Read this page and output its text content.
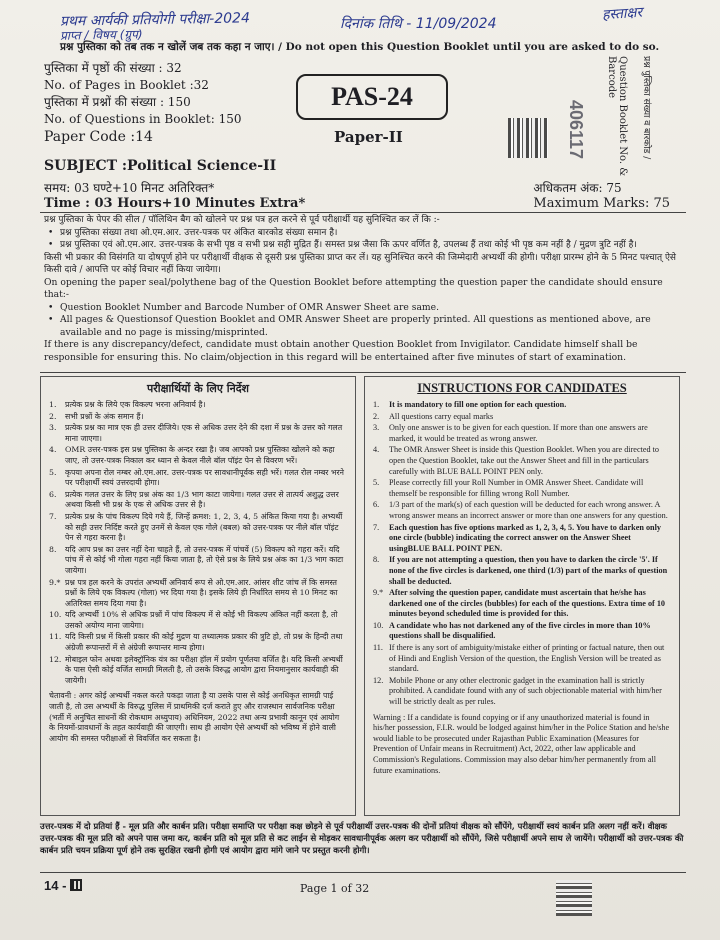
प्रथम आर्यकी प्रतियोगी परीक्षा-2024	दिनांक तिथि - 11/09/2024
प्राप्त / विषय (ग्रुप)
हस्ताक्षर
प्रश्न पुस्तिका को तब तक न खोलें जब तक कहा न जाए। / Do not open this Question Booklet until you are asked to do so.
पुस्तिका में पृष्ठों की संख्या : 32
No. of Pages in Booklet :32
पुस्तिका में प्रश्नों की संख्या : 150
No. of Questions in Booklet: 150
Paper Code :14
PAS-24
Paper-II	406117	Question Booklet No. & Barcode	प्रश्न पुस्तिका संख्या व बारकोड /
SUBJECT :Political Science-II
समय: 03 घण्टे+10 मिनट अतिरिक्त*
Time : 03 Hours+10 Minutes Extra*
अधिकतम अंक: 75
Maximum Marks: 75

प्रश्न पुस्तिका के पेपर की सील / पॉलिथिन बैग को खोलने पर प्रश्न पत्र हल करने से पूर्व परीक्षार्थी यह सुनिश्चित कर लें कि :-

• प्रश्न पुस्तिका संख्या तथा ओ.एम.आर. उत्तर-पत्रक पर अंकित बारकोड संख्या समान है।

• प्रश्न पुस्तिका एवं ओ.एम.आर. उत्तर-पत्रक के सभी पृष्ठ व सभी प्रश्न सही मुद्रित हैं। समस्त प्रश्न जैसा कि ऊपर वर्णित है, उपलब्ध हैं तथा कोई भी पृष्ठ कम नहीं है / मुद्रण त्रुटि नहीं है।

किसी भी प्रकार की विसंगति या दोषपूर्ण होने पर परीक्षार्थी वीक्षक से दूसरी प्रश्न पुस्तिका प्राप्त कर लें। यह सुनिश्चित करने की जिम्मेदारी अभ्यर्थी की होगी। परीक्षा प्रारम्भ होने के 5 मिनट पश्चात् ऐसे किसी दावे / आपत्ति पर कोई विचार नहीं किया जायेगा।

On opening the paper seal/polythene bag of the Question Booklet before attempting the question paper the candidate should ensure that:-

• Question Booklet Number and Barcode Number of OMR Answer Sheet are same.

• All pages & Questionsof Question Booklet and OMR Answer Sheet are properly printed. All questions as mentioned above, are available and no page is missing/misprinted.

If there is any discrepancy/defect, candidate must obtain another Question Booklet from Invigilator. Candidate himself shall be responsible for ensuring this. No claim/objection in this regard will be entertained after five minutes of start of examination.

परीक्षार्थियों के लिए निर्देश
1. प्रत्येक प्रश्न के लिये एक विकल्प भरना अनिवार्य है।
2. सभी प्रश्नों के अंक समान हैं।
3. प्रत्येक प्रश्न का मात्र एक ही उत्तर दीजिये। एक से अधिक उत्तर देने की दशा में प्रश्न के उत्तर को गलत माना जाएगा।
4. OMR उत्तर-पत्रक इस प्रश्न पुस्तिका के अन्दर रखा है। जब आपको प्रश्न पुस्तिका खोलने को कहा जाए, तो उत्तर-पत्रक निकाल कर ध्यान से केवल नीले बॉल पॉइंट पेन से विवरण भरें।
5. कृपया अपना रोल नम्बर ओ.एम.आर. उत्तर-पत्रक पर सावधानीपूर्वक सही भरें। गलत रोल नम्बर भरने पर परीक्षार्थी स्वयं उत्तरदायी होगा।
6. प्रत्येक गलत उत्तर के लिए प्रश्न अंक का 1/3 भाग काटा जायेगा। गलत उत्तर से तात्पर्य अशुद्ध उत्तर अथवा किसी भी प्रश्न के एक से अधिक उत्तर से है।
7. प्रत्येक प्रश्न के पांच विकल्प दिये गये हैं, जिन्हें क्रमश: 1, 2, 3, 4, 5 अंकित किया गया है। अभ्यर्थी को सही उत्तर निर्दिष्ट करते हुए उनमें से केवल एक गोले (बबल) को उत्तर-पत्रक पर नीले बॉल पॉइंट पेन से गहरा करना है।
8. यदि आप प्रश्न का उत्तर नहीं देना चाहते हैं, तो उत्तर-पत्रक में पांचवें (5) विकल्प को गहरा करें। यदि पांच में से कोई भी गोला गहरा नहीं किया जाता है, तो ऐसे प्रश्न के लिये प्रश्न अंक का 1/3 भाग काटा जायेगा।
9.* प्रश्न पत्र हल करने के उपरांत अभ्यर्थी अनिवार्य रूप से ओ.एम.आर. आंसर शीट जांच लें कि समस्त प्रश्नों के लिये एक विकल्प (गोला) भर दिया गया है। इसके लिये ही निर्धारित समय से 10 मिनट का अतिरिक्त समय दिया गया है।
10. यदि अभ्यर्थी 10% से अधिक प्रश्नों में पांच विकल्प में से कोई भी विकल्प अंकित नहीं करता है, तो उसको अयोग्य माना जायेगा।
11. यदि किसी प्रश्न में किसी प्रकार की कोई मुद्रण या तथ्यात्मक प्रकार की त्रुटि हो, तो प्रश्न के हिन्दी तथा अंग्रेजी रूपान्तरों में से अंग्रेजी रूपान्तर मान्य होगा।
12. मोबाइल फोन अथवा इलेक्ट्रॉनिक यंत्र का परीक्षा हॉल में प्रयोग पूर्णतया वर्जित है। यदि किसी अभ्यर्थी के पास ऐसी कोई वर्जित सामग्री मिलती है, तो उसके विरुद्ध आयोग द्वारा नियमानुसार कार्यवाही की जायेगी।
चेतावनी : अगर कोई अभ्यर्थी नकल करते पकड़ा जाता है या उसके पास से कोई अनधिकृत सामग्री पाई जाती है, तो उस अभ्यर्थी के विरुद्ध पुलिस में प्राथमिकी दर्ज कराते हुए और राजस्थान सार्वजनिक परीक्षा (भर्ती में अनुचित साधनों की रोकथाम अध्युपाय) अधिनियम, 2022 तथा अन्य प्रभावी कानून एवं आयोग के नियमों-प्रावधानों के तहत कार्यवाही की जाएगी। साथ ही आयोग ऐसे अभ्यर्थी को भविष्य में होने वाली आयोग की समस्त परीक्षाओं से विवर्जित कर सकता है।
INSTRUCTIONS FOR CANDIDATES
1. It is mandatory to fill one option for each question.
2. All questions carry equal marks
3. Only one answer is to be given for each question. If more than one answers are marked, it would be treated as wrong answer.
4. The OMR Answer Sheet is inside this Question Booklet. When you are directed to open the Question Booklet, take out the Answer Sheet and fill in the particulars carefully with BLUE BALL POINT PEN only.
5. Please correctly fill your Roll Number in OMR Answer Sheet. Candidate will themself be responsible for filling wrong Roll Number.
6. 1/3 part of the mark(s) of each question will be deducted for each wrong answer. A wrong answer means an incorrect answer or more than one answers for any question.
7. Each question has five options marked as 1, 2, 3, 4, 5. You have to darken only one circle (bubble) indicating the correct answer on the Answer Sheet usingBLUE BALL POINT PEN.
8. If you are not attempting a question, then you have to darken the circle '5'. If none of the five circles is darkened, one third (1/3) part of the marks of question shall be deducted.
9.* After solving the question paper, candidate must ascertain that he/she has darkened one of the circles (bubbles) for each of the questions. Extra time of 10 minutes beyond scheduled time is provided for this.
10. A candidate who has not darkened any of the five circles in more than 10% questions shall be disqualified.
11. If there is any sort of ambiguity/mistake either of printing or factual nature, then out of Hindi and English Version of the question, the English Version will be treated as standard.
12. Mobile Phone or any other electronic gadget in the examination hall is strictly prohibited. A candidate found with any of such objectionable material with him/her will be strictly dealt as per rules.
Warning : If a candidate is found copying or if any unauthorized material is found in his/her possession, F.I.R. would be lodged against him/her in the Police Station and he/she would liable to be prosecuted under Rajasthan Public Examination (Measures for Prevention of Unfair means in Recruitment) Act, 2022, other law applicable and Commission's Regulations. Commission may also debar him/her permanently from all future examinations.
उत्तर-पत्रक में दो प्रतियां हैं - मूल प्रति और कार्बन प्रति। परीक्षा समाप्ति पर परीक्षा कक्ष छोड़ने से पूर्व परीक्षार्थी उत्तर-पत्रक की दोनों प्रतियां वीक्षक को सौंपेंगे, परीक्षार्थी स्वयं कार्बन प्रति अलग नहीं करें। वीक्षक उत्तर-पत्रक की मूल प्रति को अपने पास जमा कर, कार्बन प्रति को मूल प्रति से कट लाईन से मोड़कर सावधानीपूर्वक अलग कर परीक्षार्थी को सौंपेंगे, जिसे परीक्षार्थी अपने साथ ले जायेंगे। परीक्षार्थी को उत्तर-पत्रक की कार्बन प्रति चयन प्रक्रिया पूर्ण होने तक सुरक्षित रखनी होगी एवं आयोग द्वारा मांगे जाने पर प्रस्तुत करनी होगी।
14 -	Page 1 of 32
